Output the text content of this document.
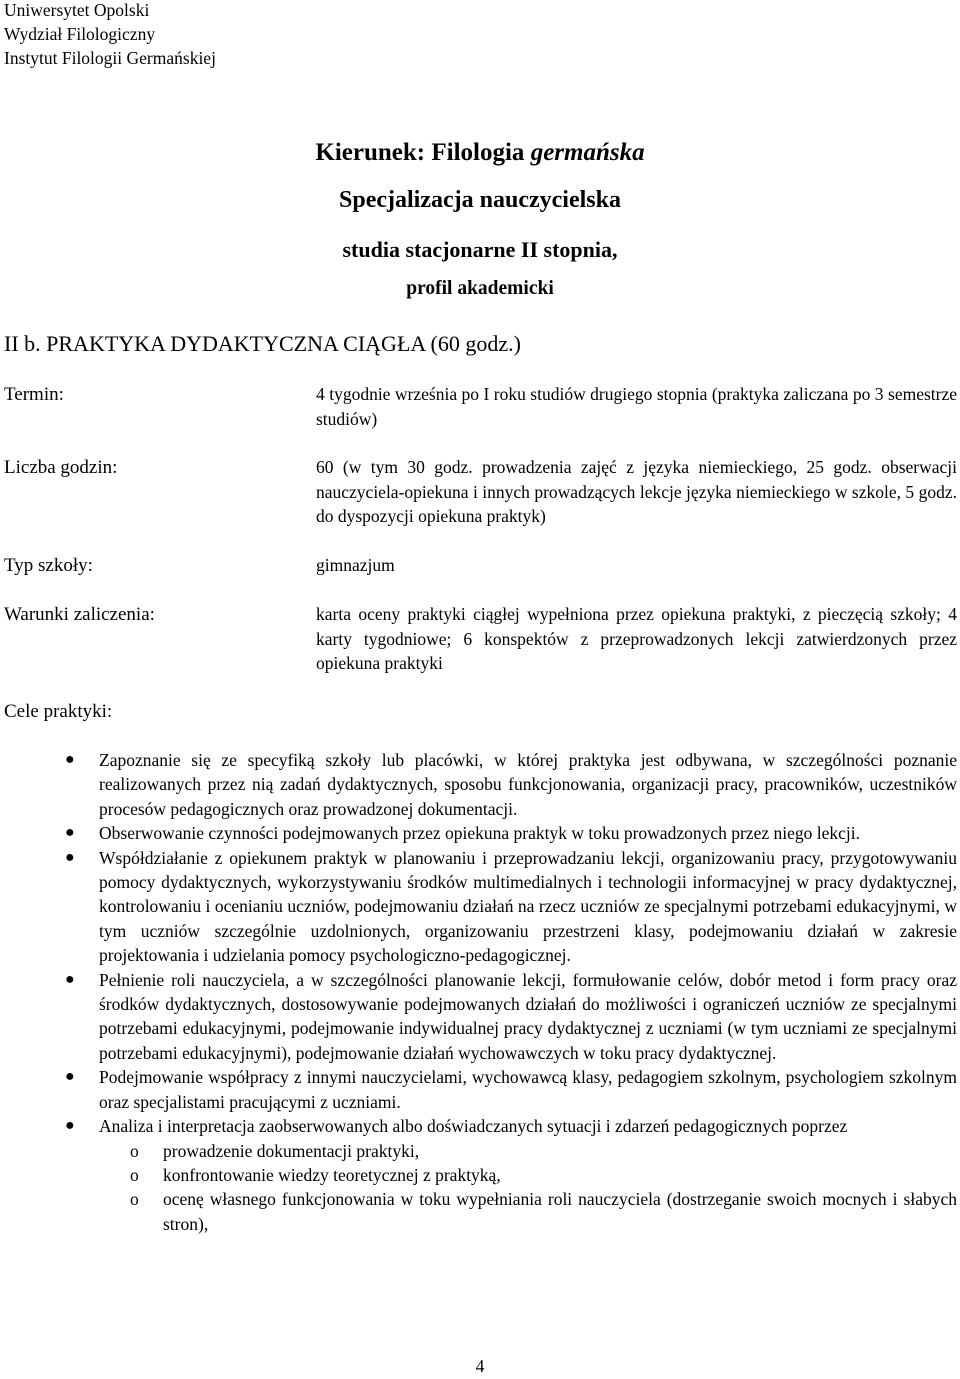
Uniwersytet Opolski
Wydział Filologiczny
Instytut Filologii Germańskiej
Kierunek: Filologia germańska
Specjalizacja nauczycielska
studia stacjonarne II stopnia,
profil akademicki
II b. PRAKTYKA DYDAKTYCZNA CIĄGŁA (60 godz.)
Termin:	4 tygodnie września po I roku studiów drugiego stopnia (praktyka zaliczana po 3 semestrze studiów)
Liczba godzin:	60 (w tym 30 godz. prowadzenia zajęć z języka niemieckiego, 25 godz. obserwacji nauczyciela-opiekuna i innych prowadzących lekcje języka niemieckiego w szkole, 5 godz. do dyspozycji opiekuna praktyk)
Typ szkoły:	gimnazjum
Warunki zaliczenia:	karta oceny praktyki ciągłej wypełniona przez opiekuna praktyki, z pieczęcią szkoły; 4 karty tygodniowe; 6 konspektów z przeprowadzonych lekcji zatwierdzonych przez opiekuna praktyki
Cele praktyki:
● Zapoznanie się ze specyfiką szkoły lub placówki, w której praktyka jest odbywana, w szczególności poznanie realizowanych przez nią zadań dydaktycznych, sposobu funkcjonowania, organizacji pracy, pracowników, uczestników procesów pedagogicznych oraz prowadzonej dokumentacji.
● Obserwowanie czynności podejmowanych przez opiekuna praktyk w toku prowadzonych przez niego lekcji.
● Współdziałanie z opiekunem praktyk w planowaniu i przeprowadzaniu lekcji, organizowaniu pracy, przygotowywaniu pomocy dydaktycznych, wykorzystywaniu środków multimedialnych i technologii informacyjnej w pracy dydaktycznej, kontrolowaniu i ocenianiu uczniów, podejmowaniu działań na rzecz uczniów ze specjalnymi potrzebami edukacyjnymi, w tym uczniów szczególnie uzdolnionych, organizowaniu przestrzeni klasy, podejmowaniu działań w zakresie projektowania i udzielania pomocy psychologiczno-pedagogicznej.
● Pełnienie roli nauczyciela, a w szczególności planowanie lekcji, formułowanie celów, dobór metod i form pracy oraz środków dydaktycznych, dostosowywanie podejmowanych działań do możliwości i ograniczeń uczniów ze specjalnymi potrzebami edukacyjnymi, podejmowanie indywidualnej pracy dydaktycznej z uczniami (w tym uczniami ze specjalnymi potrzebami edukacyjnymi), podejmowanie działań wychowawczych w toku pracy dydaktycznej.
● Podejmowanie współpracy z innymi nauczycielami, wychowawcą klasy, pedagogiem szkolnym, psychologiem szkolnym oraz specjalistami pracującymi z uczniami.
● Analiza i interpretacja zaobserwowanych albo doświadczanych sytuacji i zdarzeń pedagogicznych poprzez
o prowadzenie dokumentacji praktyki,
o konfrontowanie wiedzy teoretycznej z praktyką,
o ocenę własnego funkcjonowania w toku wypełniania roli nauczyciela (dostrzeganie swoich mocnych i słabych stron),
4
